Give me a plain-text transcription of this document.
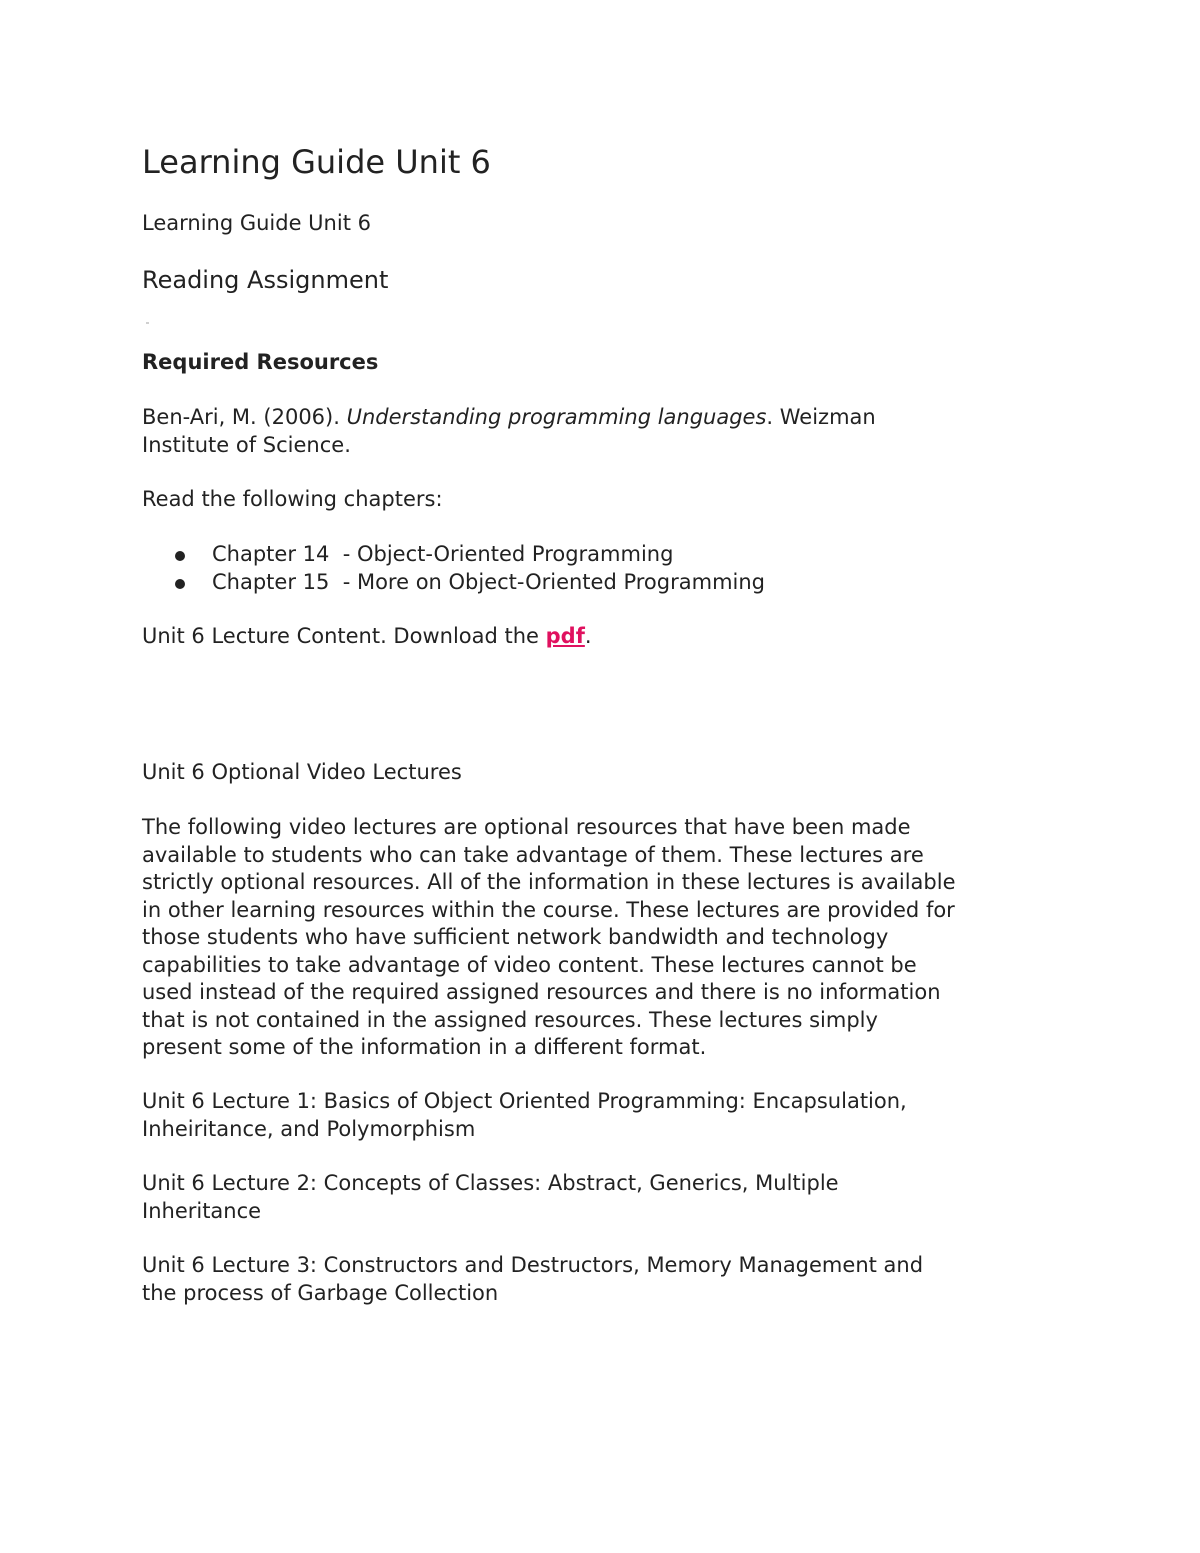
Learning Guide Unit 6
Learning Guide Unit 6
Reading Assignment
Required Resources

Ben-Ari, M. (2006). Understanding programming languages. Weizman
Institute of Science.

Read the following chapters:

Chapter 14  - Object-Oriented Programming
Chapter 15  - More on Object-Oriented Programming

Unit 6 Lecture Content. Download the pdf.

Unit 6 Optional Video Lectures

The following video lectures are optional resources that have been made
available to students who can take advantage of them. These lectures are
strictly optional resources. All of the information in these lectures is available
in other learning resources within the course. These lectures are provided for
those students who have sufficient network bandwidth and technology
capabilities to take advantage of video content. These lectures cannot be
used instead of the required assigned resources and there is no information
that is not contained in the assigned resources. These lectures simply
present some of the information in a different format.

Unit 6 Lecture 1: Basics of Object Oriented Programming: Encapsulation,
Inheiritance, and Polymorphism

Unit 6 Lecture 2: Concepts of Classes: Abstract, Generics, Multiple
Inheritance

Unit 6 Lecture 3: Constructors and Destructors, Memory Management and
the process of Garbage Collection
